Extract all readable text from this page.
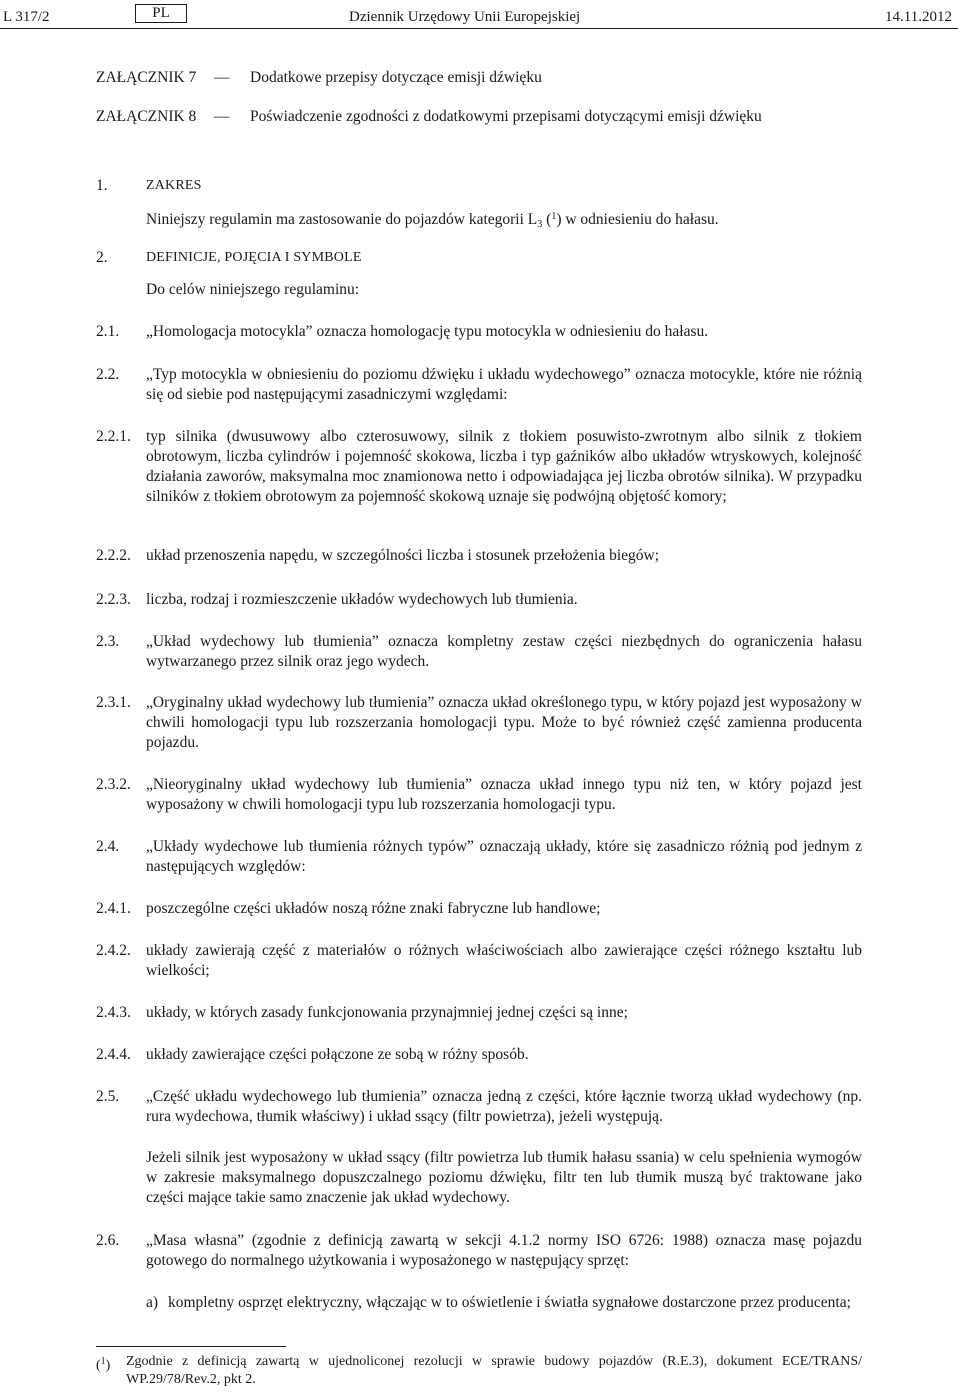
L 317/2	PL	Dziennik Urzędowy Unii Europejskiej	14.11.2012
ZAŁĄCZNIK 7 — Dodatkowe przepisy dotyczące emisji dźwięku
ZAŁĄCZNIK 8 — Poświadczenie zgodności z dodatkowymi przepisami dotyczącymi emisji dźwięku
1.	ZAKRES
Niniejszy regulamin ma zastosowanie do pojazdów kategorii $L_3$ ($^1$) w odniesieniu do hałasu.
2.	DEFINICJE, POJĘCIA I SYMBOLE
Do celów niniejszego regulaminu:
2.1. „Homologacja motocykla” oznacza homologację typu motocykla w odniesieniu do hałasu.
2.2. „Typ motocykla w obniesieniu do poziomu dźwięku i układu wydechowego” oznacza motocykle, które nie różnią się od siebie pod następującymi zasadniczymi względami:
2.2.1. typ silnika (dwusuwowy albo czterosuwowy, silnik z tłokiem posuwisto-zwrotnym albo silnik z tłokiem obrotowym, liczba cylindrów i pojemność skokowa, liczba i typ gaźników albo układów wtryskowych, kolejność działania zaworów, maksymalna moc znamionowa netto i odpowiadająca jej liczba obrotów silnika). W przypadku silników z tłokiem obrotowym za pojemność skokową uznaje się podwójną objętość komory;
2.2.2. układ przenoszenia napędu, w szczególności liczba i stosunek przełożenia biegów;
2.2.3. liczba, rodzaj i rozmieszczenie układów wydechowych lub tłumienia.
2.3. „Układ wydechowy lub tłumienia” oznacza kompletny zestaw części niezbędnych do ograniczenia hałasu wytwarzanego przez silnik oraz jego wydech.
2.3.1. „Oryginalny układ wydechowy lub tłumienia” oznacza układ określonego typu, w który pojazd jest wyposażony w chwili homologacji typu lub rozszerzania homologacji typu. Może to być również część zamienna producenta pojazdu.
2.3.2. „Nieoryginalny układ wydechowy lub tłumienia” oznacza układ innego typu niż ten, w który pojazd jest wyposażony w chwili homologacji typu lub rozszerzania homologacji typu.
2.4. „Układy wydechowe lub tłumienia różnych typów” oznaczają układy, które się zasadniczo różnią pod jednym z następujących względów:
2.4.1. poszczególne części układów noszą różne znaki fabryczne lub handlowe;
2.4.2. układy zawierają część z materiałów o różnych właściwościach albo zawierające części różnego kształtu lub wielkości;
2.4.3. układy, w których zasady funkcjonowania przynajmniej jednej części są inne;
2.4.4. układy zawierające części połączone ze sobą w różny sposób.
2.5. „Część układu wydechowego lub tłumienia” oznacza jedną z części, które łącznie tworzą układ wydechowy (np. rura wydechowa, tłumik właściwy) i układ ssący (filtr powietrza), jeżeli występują.
Jeżeli silnik jest wyposażony w układ ssący (filtr powietrza lub tłumik hałasu ssania) w celu spełnienia wymogów w zakresie maksymalnego dopuszczalnego poziomu dźwięku, filtr ten lub tłumik muszą być traktowane jako części mające takie samo znaczenie jak układ wydechowy.
2.6. „Masa własna” (zgodnie z definicją zawartą w sekcji 4.1.2 normy ISO 6726: 1988) oznacza masę pojazdu gotowego do normalnego użytkowania i wyposażonego w następujący sprzęt:
a) kompletny osprzęt elektryczny, włączając w to oświetlenie i światła sygnałowe dostarczone przez producenta;
($^1$) Zgodnie z definicją zawartą w ujednoliconej rezolucji w sprawie budowy pojazdów (R.E.3), dokument ECE/TRANS/ WP.29/78/Rev.2, pkt 2.
